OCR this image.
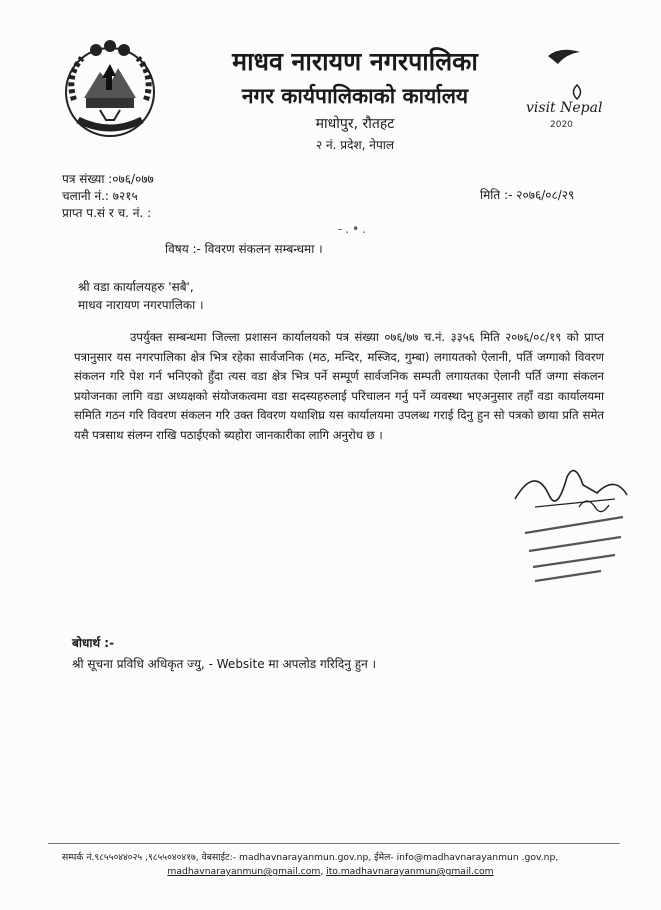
माधव नारायण नगरपालिका
नगर कार्यपालिकाको कार्यालय
माधोपुर, रौतहट
२ नं. प्रदेश, नेपाल
visit Nepal
2020
पत्र संख्या :०७६/०७७
चलानी नं.: ७२१५
प्राप्त प.सं र च. नं. :
मिति :- २०७६/०८/२९
-.•.
विषय :- विवरण संकलन सम्बन्धमा ।
श्री वडा कार्यालयहरु 'सबै',
माधव नारायण नगरपालिका ।
उपर्युक्त सम्बन्धमा जिल्ला प्रशासन कार्यालयको पत्र संख्या ०७६/७७ च.नं. ३३५६ मिति २०७६/०८/१९ को प्राप्त पत्रानुसार यस नगरपालिका क्षेत्र भित्र रहेका सार्वजनिक (मठ, मन्दिर, मस्जिद, गुम्बा) लगायतको ऐलानी, पर्ति जग्गाको विवरण संकलन गरि पेश गर्न भनिएको हुँदा त्यस वडा क्षेत्र भित्र पर्ने सम्पूर्ण सार्वजनिक सम्पती लगायतका ऐलानी पर्ति जग्गा संकलन प्रयोजनका लागि वडा अध्यक्षको संयोजकत्वमा वडा सदस्यहरुलाई परिचालन गर्नु पर्ने व्यवस्था भएअनुसार तहाँ वडा कार्यालयमा समिति गठन गरि विवरण संकलन गरि उक्त विवरण यथाशिघ्र यस कार्यालयमा उपलब्ध गराई दिनु हुन सो पत्रको छाया प्रति समेत यसै पत्रसाथ संलग्न राखि पठाईएको ब्यहोरा जानकारीका लागि अनुरोध छ ।
बोधार्थ :-
श्री सूचना प्रविधि अधिकृत ज्यु, - Website मा अपलोड गरिदिनु हुन ।
सम्पर्क नं.९८५५०४४०२५ ,९८५५०४०४१७, वेबसाईट:- madhavnarayanmun.gov.np, ईमेल- info@madhavnarayanmun .gov.np,
madhavnarayanmun@gmail.com, ito.madhavnarayanmun@gmail.com
